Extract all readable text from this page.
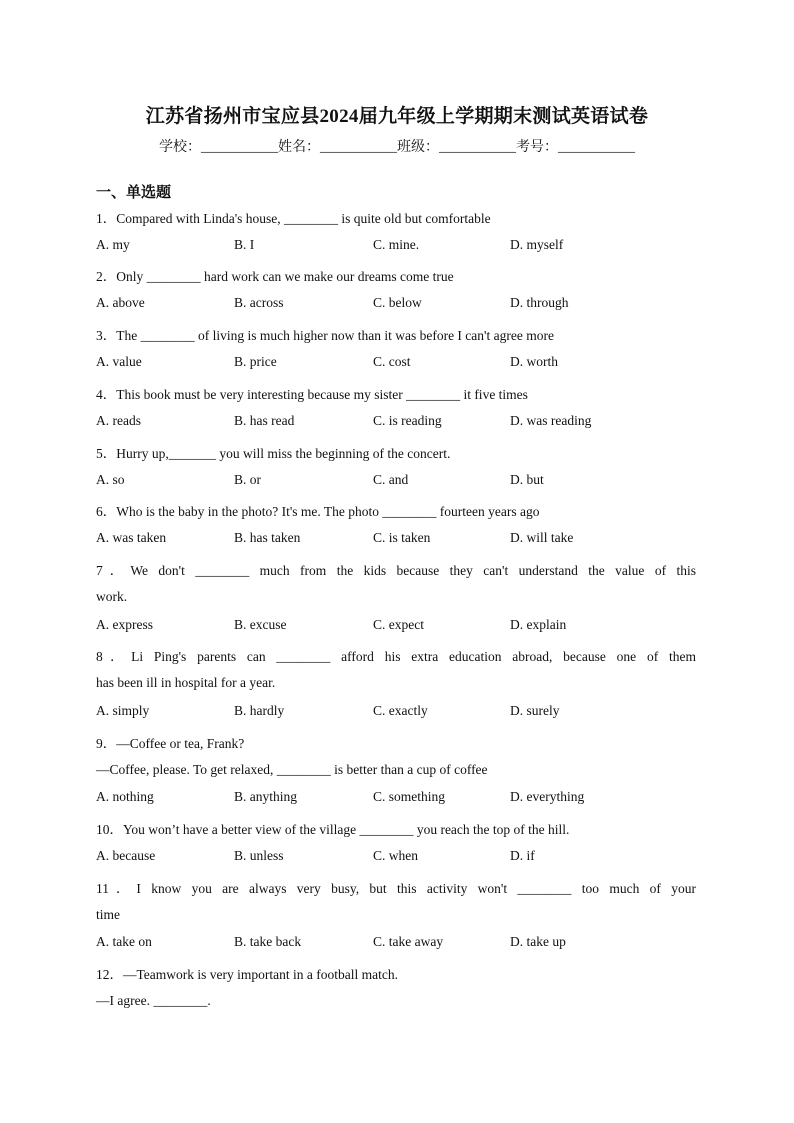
江苏省扬州市宝应县2024届九年级上学期期末测试英语试卷
学校：___________姓名：___________班级：___________考号：___________
一、单选题
1．Compared with Linda's house, ________ is quite old but comfortable
A. my	B. I	C. mine.	D. myself
2．Only ________ hard work can we make our dreams come true
A. above	B. across	C. below	D. through
3．The ________ of living is much higher now than it was before I can't agree more
A. value	B. price	C. cost	D. worth
4．This book must be very interesting because my sister ________ it five times
A. reads	B. has read	C. is reading	D. was reading
5．Hurry up,_______ you will miss the beginning of the concert.
A. so	B. or	C. and	D. but
6．Who is the baby in the photo? It's me. The photo ________ fourteen years ago
A. was taken	B. has taken	C. is taken	D. will take
7．We don't ________ much from the kids because they can't understand the value of this
work.
A. express	B. excuse	C. expect	D. explain
8．Li Ping's parents can ________ afford his extra education abroad, because one of them
has been ill in hospital for a year.
A. simply	B. hardly	C. exactly	D. surely
9．—Coffee or tea, Frank?
—Coffee, please. To get relaxed, ________ is better than a cup of coffee
A. nothing	B. anything	C. something	D. everything
10．You won’t have a better view of the village ________ you reach the top of the hill.
A. because	B. unless	C. when	D. if
11．I know you are always very busy, but this activity won't ________ too much of your
time
A. take on	B. take back	C. take away	D. take up
12．—Teamwork is very important in a football match.
—I agree. ________.
